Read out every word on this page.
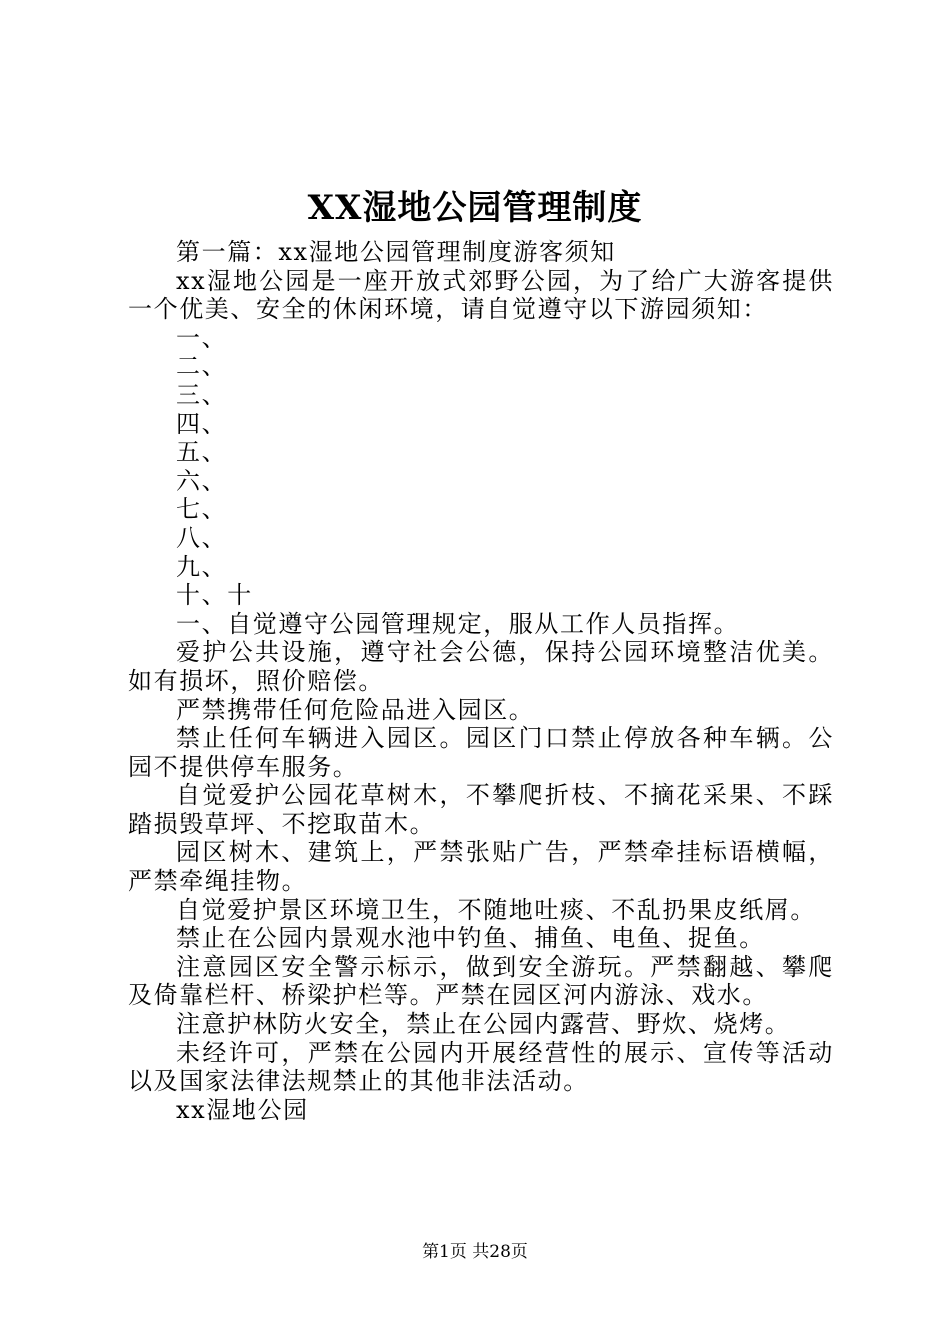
XX湿地公园管理制度

第一篇：xx湿地公园管理制度游客须知

xx湿地公园是一座开放式郊野公园，为了给广大游客提供一个优美、安全的休闲环境，请自觉遵守以下游园须知：

一、

二、

三、

四、

五、

六、

七、

八、

九、

十、十

一、自觉遵守公园管理规定，服从工作人员指挥。

爱护公共设施，遵守社会公德，保持公园环境整洁优美。如有损坏，照价赔偿。

严禁携带任何危险品进入园区。

禁止任何车辆进入园区。园区门口禁止停放各种车辆。公园不提供停车服务。

自觉爱护公园花草树木，不攀爬折枝、不摘花采果、不踩踏损毁草坪、不挖取苗木。

园区树木、建筑上，严禁张贴广告，严禁牵挂标语横幅，严禁牵绳挂物。

自觉爱护景区环境卫生，不随地吐痰、不乱扔果皮纸屑。

禁止在公园内景观水池中钓鱼、捕鱼、电鱼、捉鱼。

注意园区安全警示标示，做到安全游玩。严禁翻越、攀爬及倚靠栏杆、桥梁护栏等。严禁在园区河内游泳、戏水。

注意护林防火安全，禁止在公园内露营、野炊、烧烤。

未经许可，严禁在公园内开展经营性的展示、宣传等活动以及国家法律法规禁止的其他非法活动。

xx湿地公园

第1页 共28页
